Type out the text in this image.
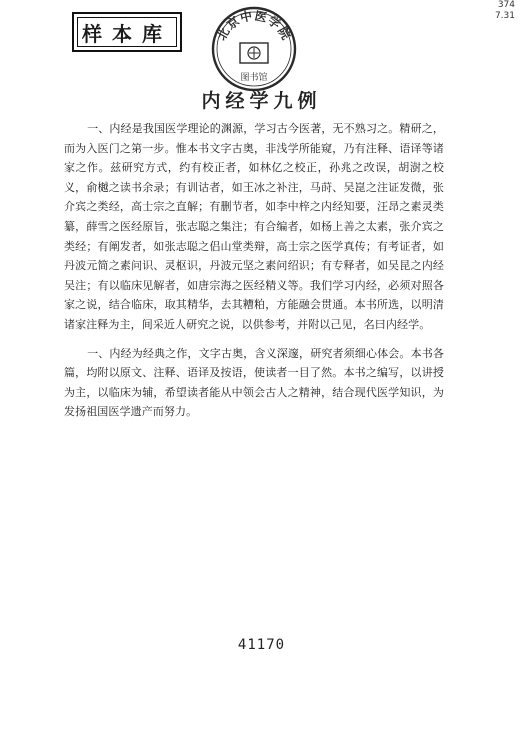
374
7.31
样本库	北京中医学院
图书馆
内经学九例

一、内经是我国医学理论的渊源，学习古今医著，无不熟习之。精研之，而为入医门之第一步。惟本书文字古奥，非浅学所能窥，乃有注释、语译等诸家之作。兹研究方式，约有校正者，如林亿之校正，孙兆之改误，胡澍之校义，俞樾之读书余录；有训诂者，如王冰之补注，马莳、吴崑之注证发微，张介宾之类经，高士宗之直解；有删节者，如李中梓之内经知要，汪昂之素灵类纂，薛雪之医经原旨，张志聪之集注；有合编者，如杨上善之太素，张介宾之类经；有阐发者，如张志聪之侣山堂类辩，高士宗之医学真传；有考证者，如丹波元简之素问识、灵枢识，丹波元坚之素问绍识；有专释者，如吴昆之内经吴注；有以临床见解者，如唐宗海之医经精义等。我们学习内经，必须对照各家之说，结合临床，取其精华，去其糟粕，方能融会贯通。本书所选，以明清诸家注释为主，间采近人研究之说，以供参考，并附以己见，名曰内经学。

一、内经为经典之作，文字古奥，含义深邃，研究者须细心体会。本书各篇，均附以原文、注释、语译及按语，使读者一目了然。本书之编写，以讲授为主，以临床为辅，希望读者能从中领会古人之精神，结合现代医学知识，为发扬祖国医学遗产而努力。

41170
